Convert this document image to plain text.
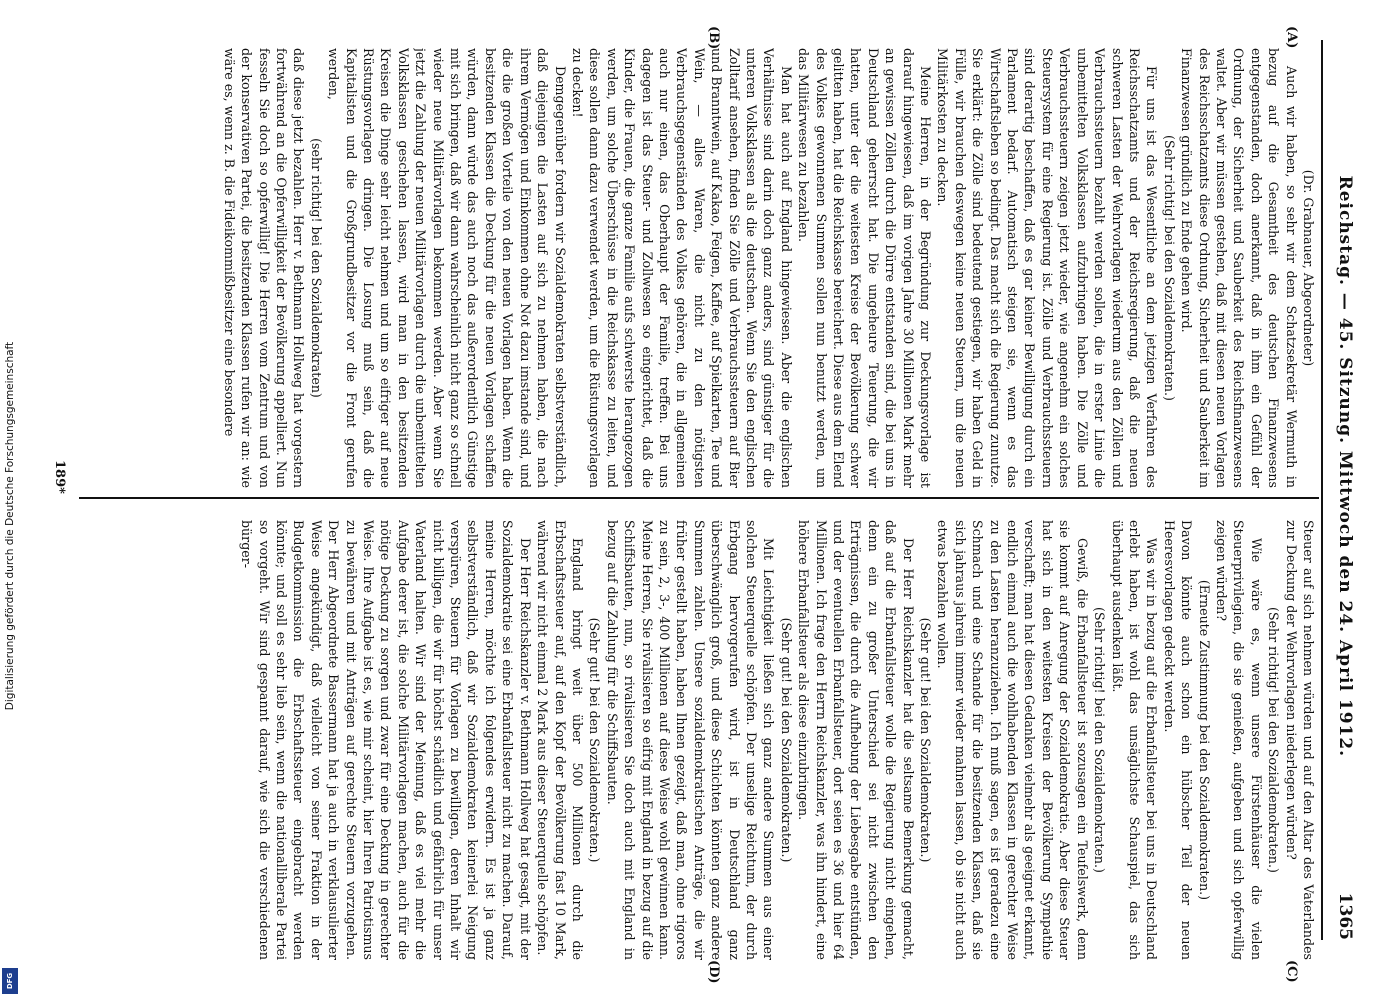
Reichstag. — 45. Sitzung. Mittwoch den 24. April 1912.
1365
(A)
(B)
(C)
(D)

(Dr. Grabnauer, Abgeordneter)

Auch wir haben, so sehr wir dem Schatzsekretär Wermuth in bezug auf die Gesamtheit des deutschen Finanzwesens entgegenstanden, doch anerkannt, daß in ihm ein Gefühl der Ordnung, der Sicherheit und Sauberkeit des Reichsfinanzwesens waltet. Aber wir müssen gestehen, daß mit diesen neuen Vorlagen des Reichsschatzamts diese Ordnung, Sicherheit und Sauberkeit im Finanzwesen gründlich zu Ende gehen wird.

(Sehr richtig! bei den Sozialdemokraten.)

Für uns ist das Wesentliche an dem jetzigen Verfahren des Reichsschatzamts und der Reichsregierung, daß die neuen schweren Lasten der Wehrvorlagen wiederum aus den Zöllen und Verbrauchssteuern bezahlt werden sollen, die in erster Linie die unbemittelten Volksklassen aufzubringen haben. Die Zölle und Verbrauchssteuern zeigen jetzt wieder, wie angenehm ein solches Steuersystem für eine Regierung ist. Zölle und Verbrauchssteuern sind derartig beschaffen, daß es gar keiner Bewilligung durch ein Parlament bedarf. Automatisch steigen sie, wenn es das Wirtschaftsleben so bedingt. Das macht sich die Regierung zunutze. Sie erklärt: die Zölle sind bedeutend gestiegen, wir haben Geld in Fülle, wir brauchen deswegen keine neuen Steuern, um die neuen Militärkosten zu decken.

Meine Herren, in der Begründung zur Deckungsvorlage ist darauf hingewiesen, daß im vorigen Jahre 30 Millionen Mark mehr an gewissen Zöllen durch die Dürre entstanden sind, die bei uns in Deutschland geherrscht hat. Die ungeheure Teuerung, die wir hatten, unter der die weitesten Kreise der Bevölkerung schwer gelitten haben, hat die Reichskasse bereichert. Diese aus dem Elend des Volkes gewonnenen Summen sollen nun benutzt werden, um das Militärwesen zu bezahlen.

Man hat auch auf England hingewiesen. Aber die englischen Verhältnisse sind darin doch ganz anders, sind günstiger für die unteren Volksklassen als die deutschen. Wenn Sie den englischen Zolltarif ansehen, finden Sie Zölle und Verbrauchssteuern auf Bier und Branntwein, auf Kakao, Feigen, Kaffee, auf Spielkarten, Tee und Wein, — alles Waren, die nicht zu den nötigsten Verbrauchsgegenständen des Volkes gehören, die in allgemeinen auch nur einen, das Oberhaupt der Familie, treffen. Bei uns dagegen ist das Steuer- und Zollwesen so eingerichtet, daß die Kinder, die Frauen, die ganze Familie aufs schwerste herangezogen werden, um solche Überschüsse in die Reichskasse zu leiten, und diese sollen dann dazu verwendet werden, um die Rüstungsvorlagen zu decken!

Demgegenüber fordern wir Sozialdemokraten selbstverständlich, daß diejenigen die Lasten auf sich zu nehmen haben, die nach ihrem Vermögen und Einkommen ohne Not dazu imstande sind, und die die großen Vorteile von den neuen Vorlagen haben. Wenn die besitzenden Klassen die Deckung für die neuen Vorlagen schaffen würden, dann würde das auch noch das außerordentlich Günstige mit sich bringen, daß wir dann wahrscheinlich nicht ganz so schnell wieder neue Militärvorlagen bekommen werden. Aber wenn Sie jetzt die Zahlung der neuen Militärvorlagen durch die unbemittelten Volksklassen geschehen lassen, wird man in den besitzenden Kreisen die Dinge sehr leicht nehmen und um so eifriger auf neue Rüstungsvorlagen dringen. Die Losung muß sein, daß die Kapitalisten und die Großgrundbesitzer vor die Front gerufen werden,

(sehr richtig! bei den Sozialdemokraten)

daß diese jetzt bezahlen. Herr v. Bethmann Hollweg hat vorgestern fortwährend an die Opferwilligkeit der Bevölkerung appelliert. Nun fesseln Sie doch so opferwillig! Die Herren vom Zentrum und von der konservativen Partei, die besitzenden Klassen rufen wir an: wie wäre es, wenn z. B. die Fideikommißbesitzer eine besondere

Steuer auf sich nehmen würden und auf den Altar des Vaterlandes zur Deckung der Wehrvorlagen niederlegen würden?

(Sehr richtig! bei den Sozialdemokraten.)

Wie wäre es, wenn unsere Fürstenhäuser die vielen Steuerprivilegien, die sie genießen, aufgeben und sich opferwillig zeigen würden?

(Erneute Zustimmung bei den Sozialdemokraten.)

Davon könnte auch schon ein hübscher Teil der neuen Heeresvorlagen gedeckt werden.

Was wir in bezug auf die Erbanfallsteuer bei uns in Deutschland erlebt haben, ist wohl das unsäglichste Schauspiel, das sich überhaupt ausdenken läßt.

(Sehr richtig! bei den Sozialdemokraten.)

Gewiß, die Erbanfallsteuer ist sozusagen ein Teufelswerk, denn sie kommt auf Anregung der Sozialdemokratie. Aber diese Steuer hat sich in den weitesten Kreisen der Bevölkerung Sympathie verschafft; man hat diesen Gedanken vielmehr als geeignet erkannt, endlich einmal auch die wohlhabenden Klassen in gerechter Weise zu den Lasten heranzuziehen. Ich muß sagen, es ist geradezu eine Schmach und eine Schande für die besitzenden Klassen, daß sie sich jahraus jahrein immer wieder mahnen lassen, ob sie nicht auch etwas bezahlen wollen.

(Sehr gut! bei den Sozialdemokraten.)

Der Herr Reichskanzler hat die seltsame Bemerkung gemacht, daß auf die Erbanfallsteuer wolle die Regierung nicht eingehen, denn ein zu großer Unterschied sei nicht zwischen den Erträgnissen, die durch die Aufhebung der Liebesgabe entstünden, und der eventuellen Erbanfallsteuer, dort seien es 36 und hier 64 Millionen. Ich frage den Herrn Reichskanzler, was ihn hindert, eine höhere Erbanfallsteuer als diese einzubringen.

(Sehr gut! bei den Sozialdemokraten.)

Mit Leichtigkeit ließen sich ganz andere Summen aus einer solchen Steuerquelle schöpfen. Der unselige Reichtum, der durch Erbgang hervorgerufen wird, ist in Deutschland ganz überschwänglich groß, und diese Schichten könnten ganz andere Summen zahlen. Unsere sozialdemokratischen Anträge, die wir früher gestellt haben, haben Ihnen gezeigt, daß man, ohne rigoros zu sein, 2, 3-, 400 Millionen auf diese Weise wohl gewinnen kann. Meine Herren, Sie rivalisieren so eifrig mit England in bezug auf die Schiffsbauten, nun, so rivalisieren Sie doch auch mit England in bezug auf die Zahlung für die Schiffsbauten.

(Sehr gut! bei den Sozialdemokraten.)

England bringt weit über 500 Millionen durch die Erbschaftssteuer auf, auf den Kopf der Bevölkerung fast 10 Mark, während wir nicht einmal 2 Mark aus dieser Steuerquelle schöpfen.

Der Herr Reichskanzler v. Bethmann Hollweg hat gesagt, mit der Sozialdemokratie sei eine Erbanfallsteuer nicht zu machen. Darauf, meine Herren, möchte ich folgendes erwidern. Es ist ja ganz selbstverständlich, daß wir Sozialdemokraten keinerlei Neigung verspüren, Steuern für Vorlagen zu bewilligen, deren Inhalt wir nicht billigen, die wir für höchst schädlich und gefährlich für unser Vaterland halten. Wir sind der Meinung, daß es viel mehr die Aufgabe derer ist, die solche Militärvorlagen machen, auch für die nötige Deckung zu sorgen und zwar für eine Deckung in gerechter Weise. Ihre Aufgabe ist es, wie mir scheint, hier Ihren Patriotismus zu bewähren und mit Anträgen auf gerechte Steuern vorzugehen. Der Herr Abgeordnete Bassermann hat ja auch in verklausulierter Weise angekündigt, daß vielleicht von seiner Fraktion in der Budgetkommission die Erbschaftssteuer eingebracht werden könnte; und soll es sehr lieb sein, wenn die nationalliberale Partei so vorgeht. Wir sind gespannt darauf, wie sich die verschiedenen bürger-

189*
Digitalisierung gefördert durch die Deutsche Forschungsgemeinschaft
DFG
